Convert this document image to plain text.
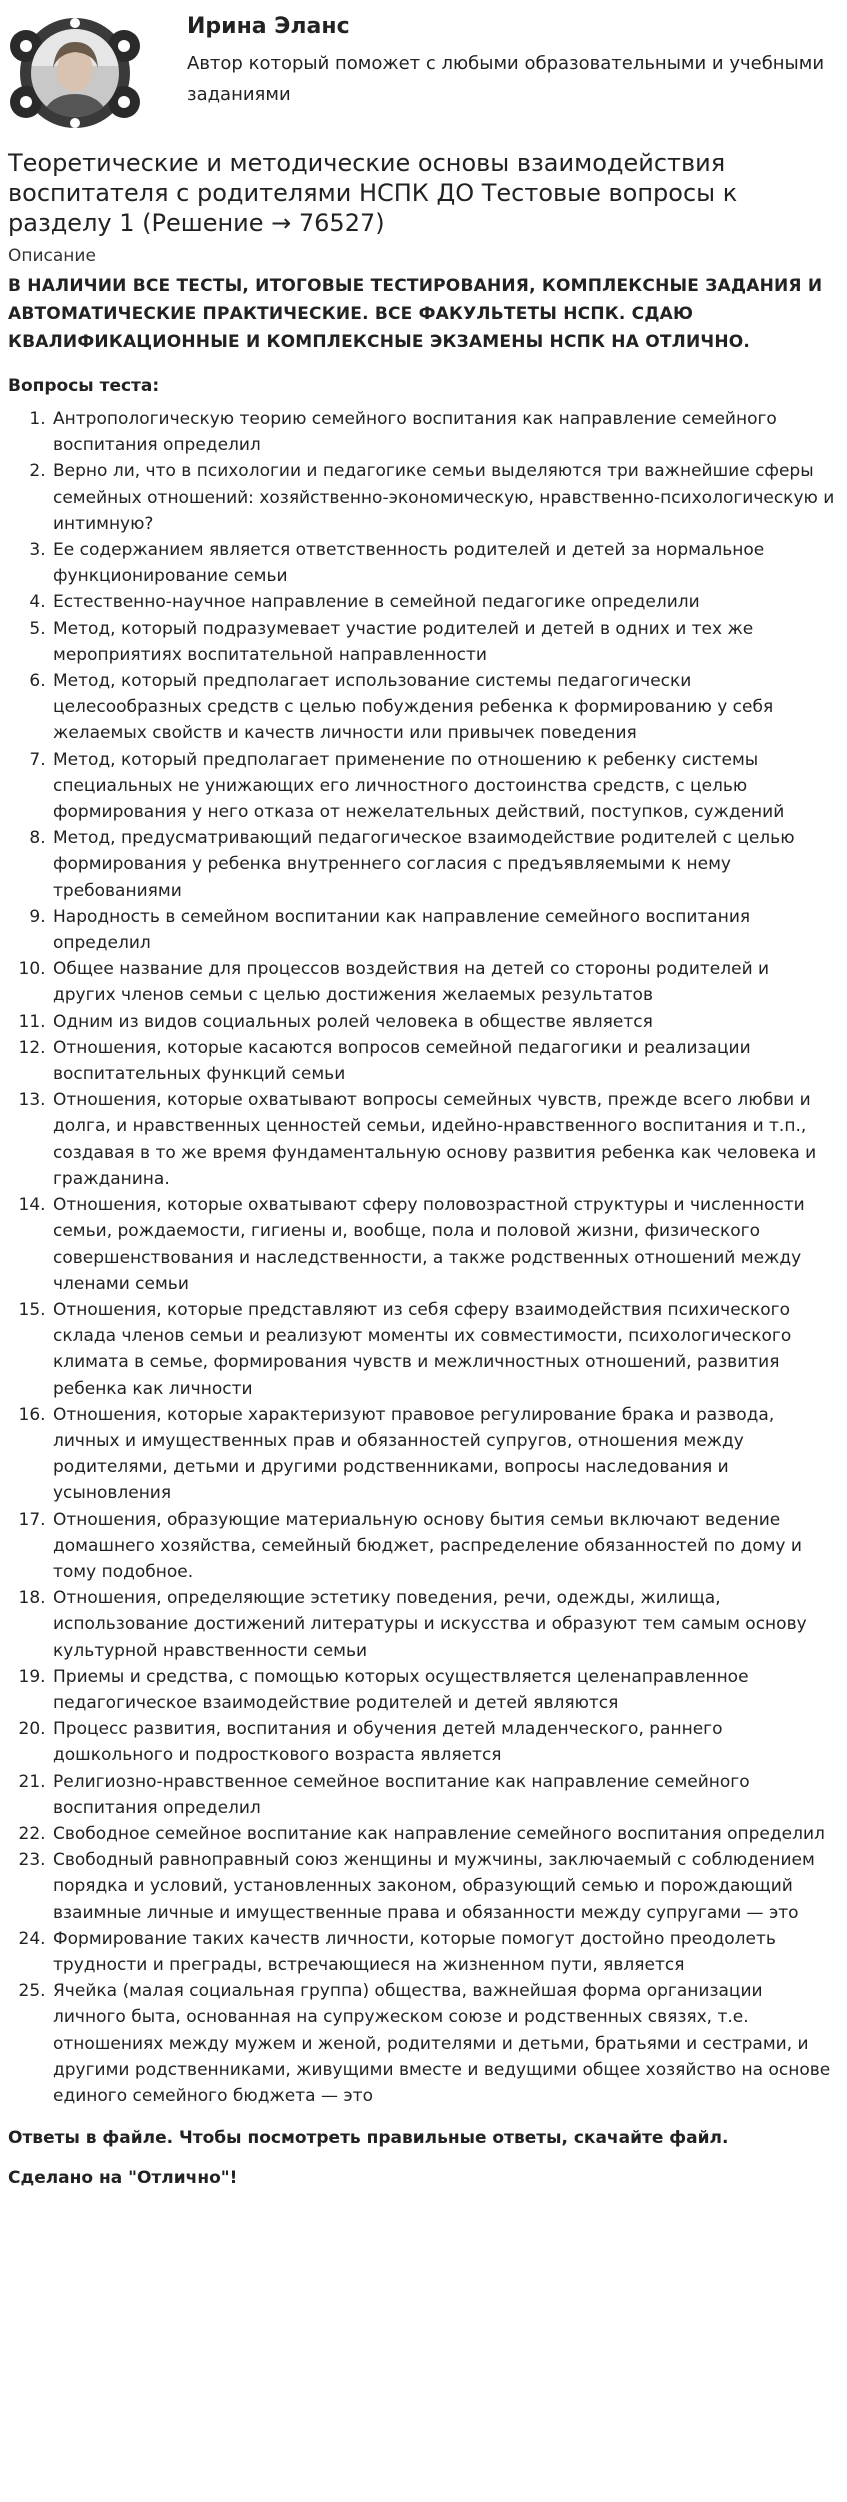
Ирина Эланс
Автор который поможет с любыми образовательными и учебными заданиями
Теоретические и методические основы взаимодействия воспитателя с родителями НСПК ДО Тестовые вопросы к разделу 1 (Решение → 76527)
Описание
В НАЛИЧИИ ВСЕ ТЕСТЫ, ИТОГОВЫЕ ТЕСТИРОВАНИЯ, КОМПЛЕКСНЫЕ ЗАДАНИЯ И АВТОМАТИЧЕСКИЕ ПРАКТИЧЕСКИЕ. ВСЕ ФАКУЛЬТЕТЫ НСПК. СДАЮ КВАЛИФИКАЦИОННЫЕ И КОМПЛЕКСНЫЕ ЭКЗАМЕНЫ НСПК НА ОТЛИЧНО.
Вопросы теста:
1. Антропологическую теорию семейного воспитания как направление семейного воспитания определил
2. Верно ли, что в психологии и педагогике семьи выделяются три важнейшие сферы семейных отношений: хозяйственно-экономическую, нравственно-психологическую и интимную?
3. Ее содержанием является ответственность родителей и детей за нормальное функционирование семьи
4. Естественно-научное направление в семейной педагогике определили
5. Метод, который подразумевает участие родителей и детей в одних и тех же мероприятиях воспитательной направленности
6. Метод, который предполагает использование системы педагогически целесообразных средств с целью побуждения ребенка к формированию у себя желаемых свойств и качеств личности или привычек поведения
7. Метод, который предполагает применение по отношению к ребенку системы специальных не унижающих его личностного достоинства средств, с целью формирования у него отказа от нежелательных действий, поступков, суждений
8. Метод, предусматривающий педагогическое взаимодействие родителей с целью формирования у ребенка внутреннего согласия с предъявляемыми к нему требованиями
9. Народность в семейном воспитании как направление семейного воспитания определил
10. Общее название для процессов воздействия на детей со стороны родителей и других членов семьи с целью достижения желаемых результатов
11. Одним из видов социальных ролей человека в обществе является
12. Отношения, которые касаются вопросов семейной педагогики и реализации воспитательных функций семьи
13. Отношения, которые охватывают вопросы семейных чувств, прежде всего любви и долга, и нравственных ценностей семьи, идейно-нравственного воспитания и т.п., создавая в то же время фундаментальную основу развития ребенка как человека и гражданина.
14. Отношения, которые охватывают сферу половозрастной структуры и численности семьи, рождаемости, гигиены и, вообще, пола и половой жизни, физического совершенствования и наследственности, а также родственных отношений между членами семьи
15. Отношения, которые представляют из себя сферу взаимодействия психического склада членов семьи и реализуют моменты их совместимости, психологического климата в семье, формирования чувств и межличностных отношений, развития ребенка как личности
16. Отношения, которые характеризуют правовое регулирование брака и развода, личных и имущественных прав и обязанностей супругов, отношения между родителями, детьми и другими родственниками, вопросы наследования и усыновления
17. Отношения, образующие материальную основу бытия семьи включают ведение домашнего хозяйства, семейный бюджет, распределение обязанностей по дому и тому подобное.
18. Отношения, определяющие эстетику поведения, речи, одежды, жилища, использование достижений литературы и искусства и образуют тем самым основу культурной нравственности семьи
19. Приемы и средства, с помощью которых осуществляется целенаправленное педагогическое взаимодействие родителей и детей являются
20. Процесс развития, воспитания и обучения детей младенческого, раннего дошкольного и подросткового возраста является
21. Религиозно-нравственное семейное воспитание как направление семейного воспитания определил
22. Свободное семейное воспитание как направление семейного воспитания определил
23. Свободный равноправный союз женщины и мужчины, заключаемый с соблюдением порядка и условий, установленных законом, образующий семью и порождающий взаимные личные и имущественные права и обязанности между супругами — это
24. Формирование таких качеств личности, которые помогут достойно преодолеть трудности и преграды, встречающиеся на жизненном пути, является
25. Ячейка (малая социальная группа) общества, важнейшая форма организации личного быта, основанная на супружеском союзе и родственных связях, т.е. отношениях между мужем и женой, родителями и детьми, братьями и сестрами, и другими родственниками, живущими вместе и ведущими общее хозяйство на основе единого семейного бюджета — это

Ответы в файле. Чтобы посмотреть правильные ответы, скачайте файл.

Сделано на "Отлично"!
